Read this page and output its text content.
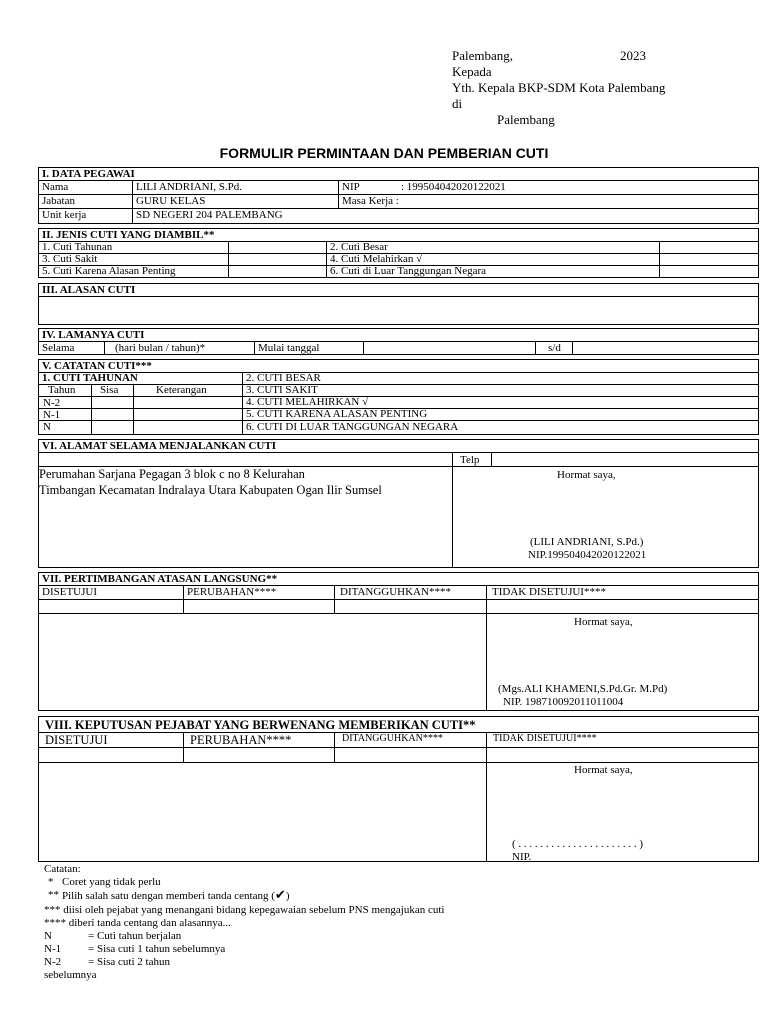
Palembang,	2023
Kepada
Yth. Kepala BKP-SDM Kota Palembang
di
Palembang
FORMULIR PERMINTAAN DAN PEMBERIAN CUTI
I. DATA PEGAWAI
Nama	LILI ANDRIANI, S.Pd.	NIP	: 199504042020122021
Jabatan	GURU KELAS	Masa Kerja :
Unit kerja	SD NEGERI 204 PALEMBANG
II. JENIS CUTI YANG DIAMBIL**
1. Cuti Tahunan	2. Cuti Besar
3. Cuti Sakit	4. Cuti Melahirkan √
5. Cuti Karena Alasan Penting	6. Cuti di Luar Tanggungan Negara
III. ALASAN CUTI
IV. LAMANYA CUTI
Selama	(hari bulan / tahun)*	Mulai tanggal	s/d
V. CATATAN CUTI***
1. CUTI TAHUNAN
Tahun Sisa	Keterangan
N-2
N-1
N
2. CUTI BESAR
3. CUTI SAKIT
4. CUTI MELAHIRKAN √
5. CUTI KARENA ALASAN PENTING
6. CUTI DI LUAR TANGGUNGAN NEGARA
VI. ALAMAT SELAMA MENJALANKAN CUTI
Telp
Perumahan Sarjana Pegagan 3 blok c no 8 Kelurahan
Timbangan Kecamatan Indralaya Utara Kabupaten Ogan Ilir Sumsel
Hormat saya,
(LILI ANDRIANI, S.Pd.)
NIP.199504042020122021
VII. PERTIMBANGAN ATASAN LANGSUNG**
DISETUJUI	PERUBAHAN****	DITANGGUHKAN****	TIDAK DISETUJUI****
Hormat saya,
(Mgs.ALI KHAMENI,S.Pd.Gr. M.Pd)
NIP. 198710092011011004
VIII. KEPUTUSAN PEJABAT YANG BERWENANG MEMBERIKAN CUTI**
DISETUJUI	PERUBAHAN****	DITANGGUHKAN****	TIDAK DISETUJUI****
Hormat saya,
( . . . . . . . . . . . . . . . . . . . . . . )
NIP.
Catatan:
* Coret yang tidak perlu
** Pilih salah satu dengan memberi tanda centang (✔)
*** diisi oleh pejabat yang menangani bidang kepegawaian sebelum PNS mengajukan cuti
**** diberi tanda centang dan alasannya...
N	= Cuti tahun berjalan
N-1 = Sisa cuti 1 tahun sebelumnya
N-2 = Sisa cuti 2 tahun
sebelumnya
